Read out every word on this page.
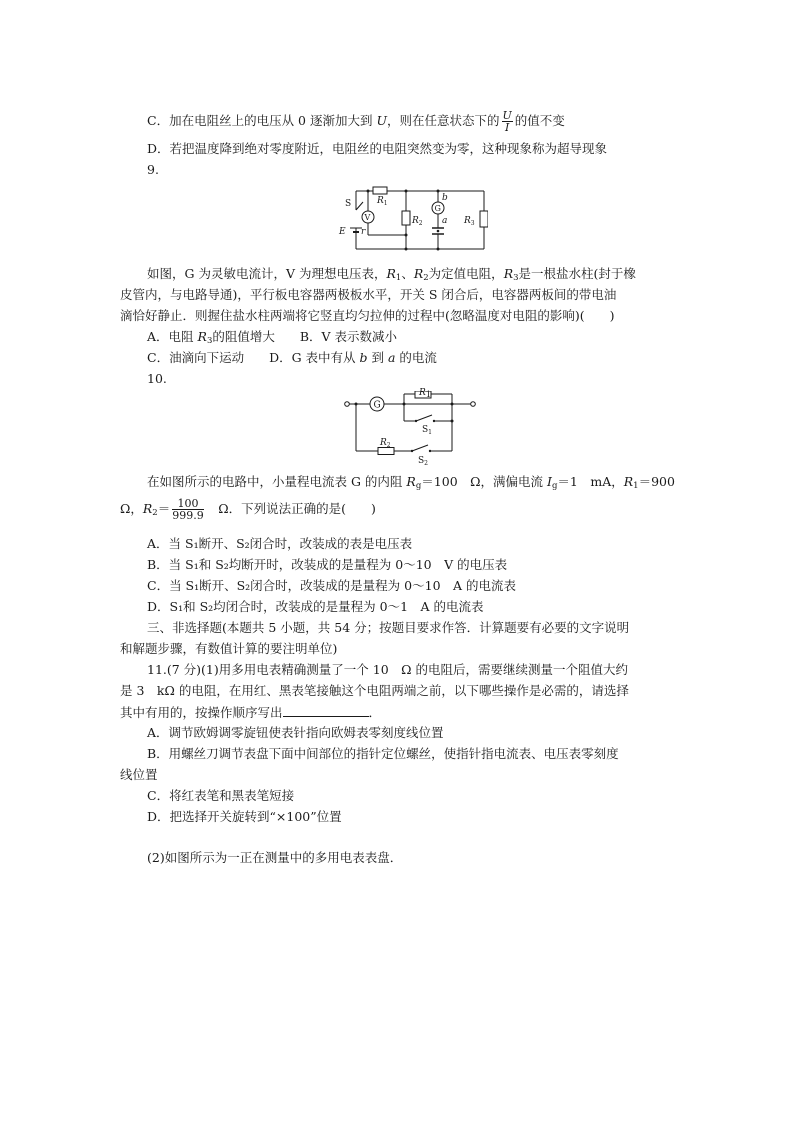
C．加在电阻丝上的电压从 0 逐渐加大到 U，则在任意状态下的 $\frac{U}{I}$ 的值不变
D．若把温度降到绝对零度附近，电阻丝的电阻突然变为零，这种现象称为超导现象
9.
$R_1$
$R_2$	$R_3$
b
a
E r
S
V
G
如图，G 为灵敏电流计，V 为理想电压表，$R_1$、$R_2$为定值电阻，$R_3$是一根盐水柱(封于橡
皮管内，与电路导通)，平行板电容器两极板水平，开关 S 闭合后，电容器两板间的带电油
滴恰好静止．则握住盐水柱两端将它竖直均匀拉伸的过程中(忽略温度对电阻的影响)(　　)
A．电阻 $R_3$的阻值增大　　B．V 表示数减小
C．油滴向下运动　　D．G 表中有从 b 到 a 的电流
10.
G
$S_1$
$R_2$
$S_2$
$R_1$
在如图所示的电路中，小量程电流表 G 的内阻 $R_g=100$　Ω，满偏电流 $I_g=1$　mA，$R_1=900$
Ω，$R_2= \frac{100}{999.9}$ 　Ω．下列说法正确的是(　　)
A．当 S₁断开、S₂闭合时，改装成的表是电压表
B．当 S₁和 S₂均断开时，改装成的是量程为 0～10　V 的电压表
C．当 S₁断开、S₂闭合时，改装成的是量程为 0～10　A 的电流表
D．S₁和 S₂均闭合时，改装成的是量程为 0～1　A 的电流表
三、非选择题(本题共 5 小题，共 54 分；按题目要求作答．计算题要有必要的文字说明
和解题步骤，有数值计算的要注明单位)
11.(7 分)(1)用多用电表精确测量了一个 10　Ω 的电阻后，需要继续测量一个阻值大约
是 3　kΩ 的电阻，在用红、黑表笔接触这个电阻两端之前，以下哪些操作是必需的，请选择
其中有用的，按操作顺序写出	．
A．调节欧姆调零旋钮使表针指向欧姆表零刻度线位置
B．用螺丝刀调节表盘下面中间部位的指针定位螺丝，使指针指电流表、电压表零刻度
线位置
C．将红表笔和黑表笔短接
D．把选择开关旋转到“×100”位置
(2)如图所示为一正在测量中的多用电表表盘．
